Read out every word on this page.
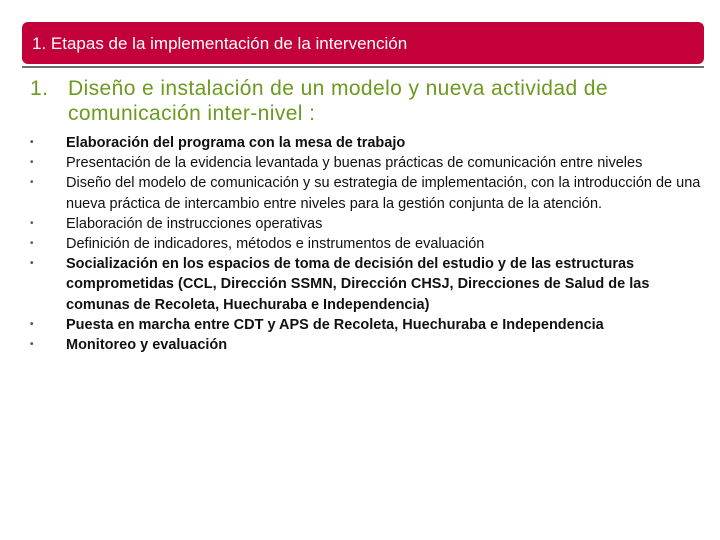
1. Etapas de la implementación de la intervención
1. Diseño e instalación de un modelo y nueva actividad de comunicación inter-nivel :
• Elaboración del programa con la mesa de trabajo
• Presentación de la evidencia levantada y buenas prácticas de comunicación entre niveles
• Diseño del modelo de comunicación y su estrategia de implementación, con la introducción de una nueva práctica de intercambio entre niveles para la gestión conjunta de la atención.
• Elaboración de instrucciones operativas
• Definición de indicadores, métodos e instrumentos de evaluación
• Socialización en los espacios de toma de decisión del estudio y de las estructuras comprometidas (CCL, Dirección SSMN, Dirección CHSJ, Direcciones de Salud de las comunas de Recoleta, Huechuraba e Independencia)
• Puesta en marcha entre CDT y APS de Recoleta, Huechuraba e Independencia
• Monitoreo y evaluación
